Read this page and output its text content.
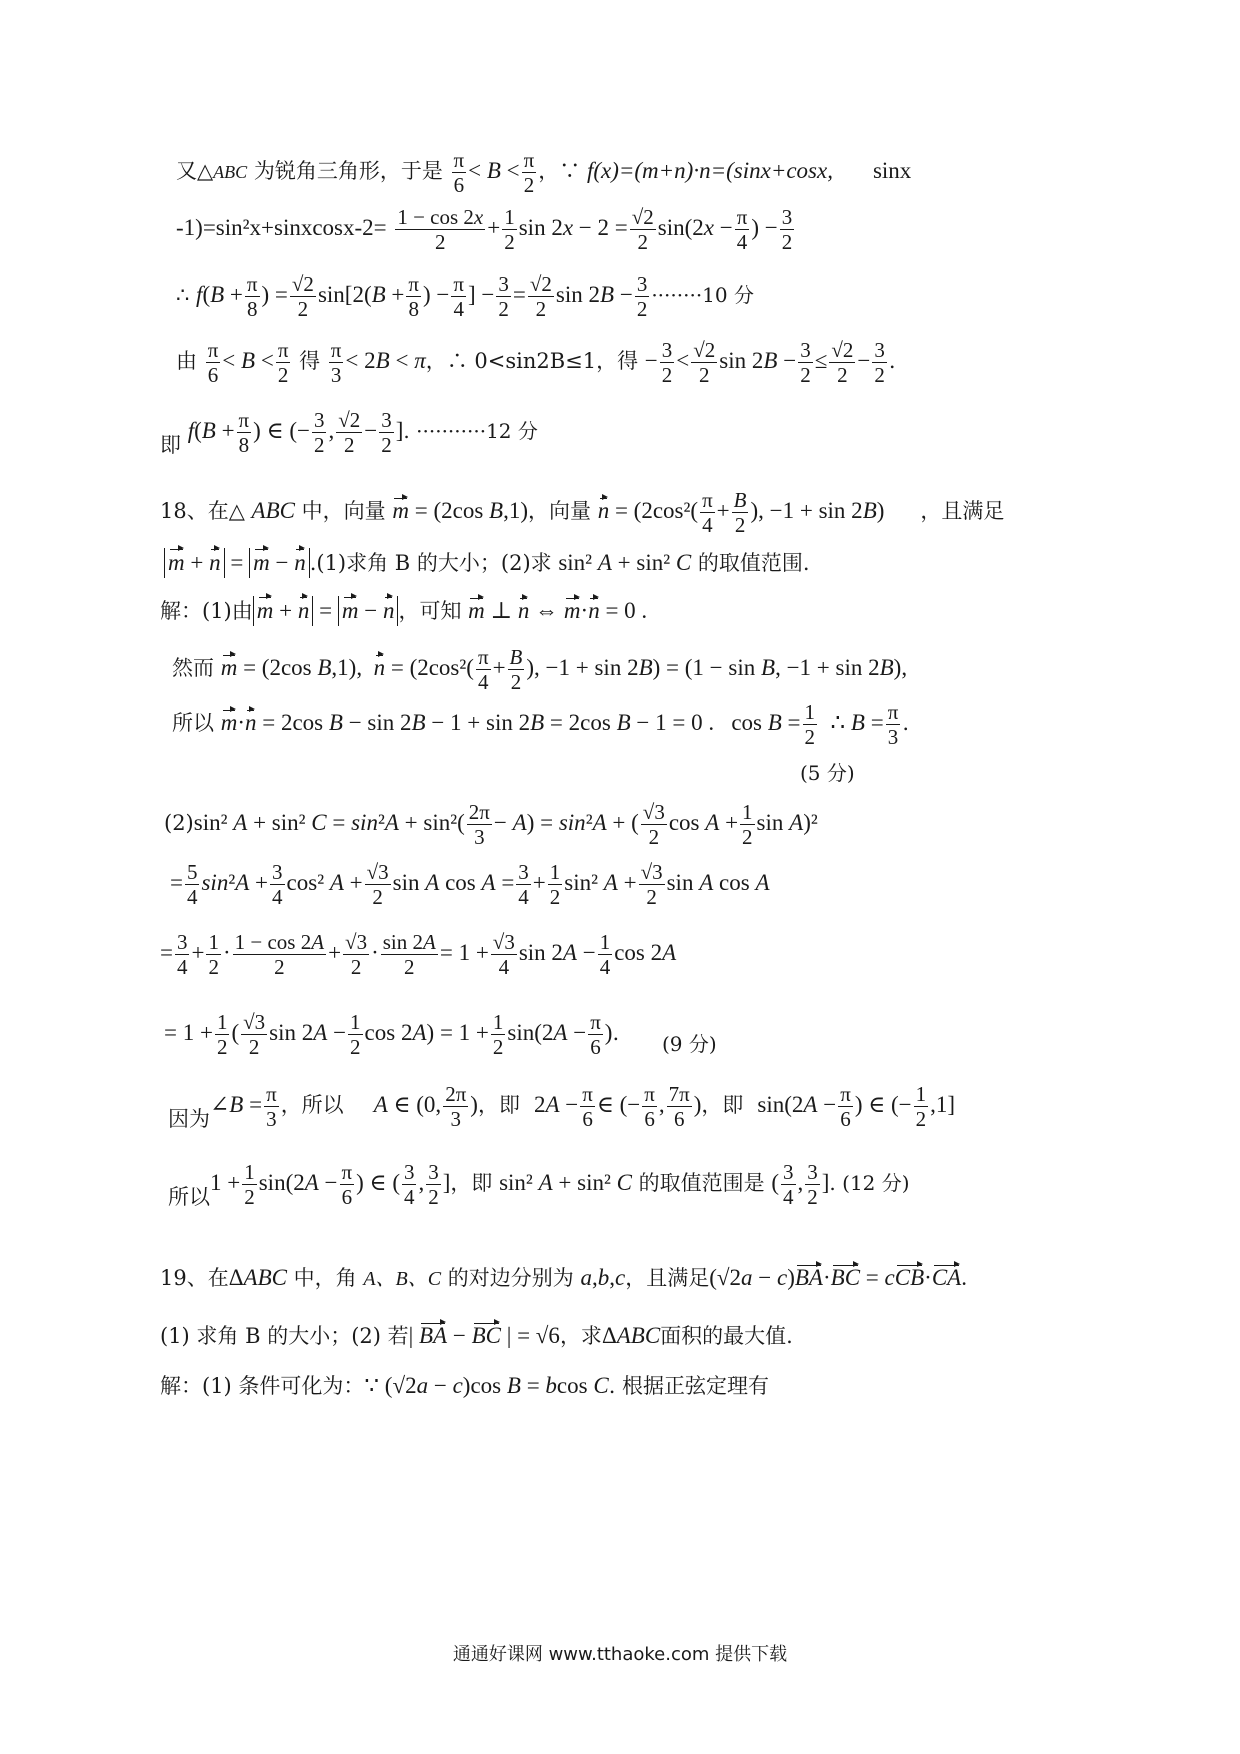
又△ABC 为锐角三角形，于是 $\frac{\pi}{6} < B < \frac{\pi}{2}$ ，∵ f(x)=(m+n)·n=(sinx+cosx, sinx
-1)=sin²x+sinxcosx-2= $\frac{1 - \cos 2x}{2} + \frac{1}{2}$ $\sin 2x - 2 = \frac{√2}{2} \sin(2x - \frac{\pi}{4}$ ) − $\frac{3}{2}$
∴ $f(B + \frac{\pi}{8}$ ) = $\frac{√2}{2} \sin[2(B + \frac{\pi}{8}$ ) − $\frac{\pi}{4}$ ] − $\frac{3}{2} = \frac{√2}{2}$ $\sin 2B - \frac{3}{2} \cdot\cdot\cdot\cdot\cdot\cdot\cdot\cdot 10$ 分
由 $\frac{\pi}{6} < B < \frac{\pi}{2}$ 得 $\frac{\pi}{3} < 2B < \pi$，∴ 0<sin2B≤1，得 − $\frac{3}{2} < \frac{√2}{2}$ $\sin 2B - \frac{3}{2} \le \frac{√2}{2} - \frac{3}{2}$ .
即 $f(B + \frac{\pi}{8}$ ) ∈ (− $\frac{3}{2}$ , $\frac{√2}{2} - \frac{3}{2}$ ]. ···········12 分
18、在△ ABC 中，向量 m = (2cos B,1)，向量 $n = (2\cos^2( \frac{\pi}{4} + \frac{B}{2}$ ), −1 + sin 2B) ，且满足
m + n = m − n .(1)求角 B 的大小；(2)求 sin² A + sin² C 的取值范围.
解：(1)由 m + n = m − n ，可知 m ⊥ n ⇔ m·n = 0 .
然而 m = (2cos B,1),  $n = (2\cos^2( \frac{\pi}{4} + \frac{B}{2}$ ), −1 + sin 2B) = (1 − sin B, −1 + sin 2B),
所以 m·n = 2cos B − sin 2B − 1 + sin 2B = 2cos B − 1 = 0 .   $\cos B = \frac{1}{2}$ ∴ $B = \frac{\pi}{3}$ .
(5 分)
(2)sin² A + sin² $C = \sin^2A + \sin^2( \frac{2\pi}{3} - A) = \sin^2A$ + ( $\frac{√3}{2}$ $\cos A + \frac{1}{2}$ sin A)²
= $\frac{5}{4} \sin^2A + \frac{3}{4} \cos^2$ $A + \frac{√3}{2}$ sin A $\cos A = \frac{3}{4} + \frac{1}{2} \sin^2$ $A + \frac{√3}{2}$ sin A cos A
= $\frac{3}{4} + \frac{1}{2} \cdot \frac{1 - \cos 2A}{2} + \frac{√3}{2} \cdot \frac{\sin 2A}{2} = 1 + \frac{√3}{4}$ $\sin 2A - \frac{1}{4}$ cos 2A
= $1 + \frac{1}{2}$ ( $\frac{√3}{2}$ $\sin 2A - \frac{1}{2}$ $\cos 2A) = 1 + \frac{1}{2} \sin(2A - \frac{\pi}{6}$ ). (9 分)
因为∠B = $\frac{\pi}{3}$ ，所以 A ∈ (0, $\frac{2\pi}{3}$ )，即 $2A - \frac{\pi}{6}$ ∈ (− $\frac{\pi}{6}$ , $\frac{7\pi}{6}$ )，即 $\sin(2A - \frac{\pi}{6}$ ) ∈ (− $\frac{1}{2} ,1$]
所以$1 + \frac{1}{2} \sin(2A - \frac{\pi}{6}$ ) ∈ ( $\frac{3}{4}$ , $\frac{3}{2}$ ]，即 sin² A + sin² C 的取值范围是 ( $\frac{3}{4}$ , $\frac{3}{2}$ ]. (12 分)
19、在ΔABC 中，角 A、B、C 的对边分别为 a,b,c，且满足(√2a − c)BA·BC = cCB·CA.
(1) 求角 B 的大小；(2) 若| BA − BC | = √6，求ΔABC面积的最大值.
解：(1) 条件可化为：∵ (√2a − c)cos B = bcos C. 根据正弦定理有
通通好课网 www.tthaoke.com 提供下载
